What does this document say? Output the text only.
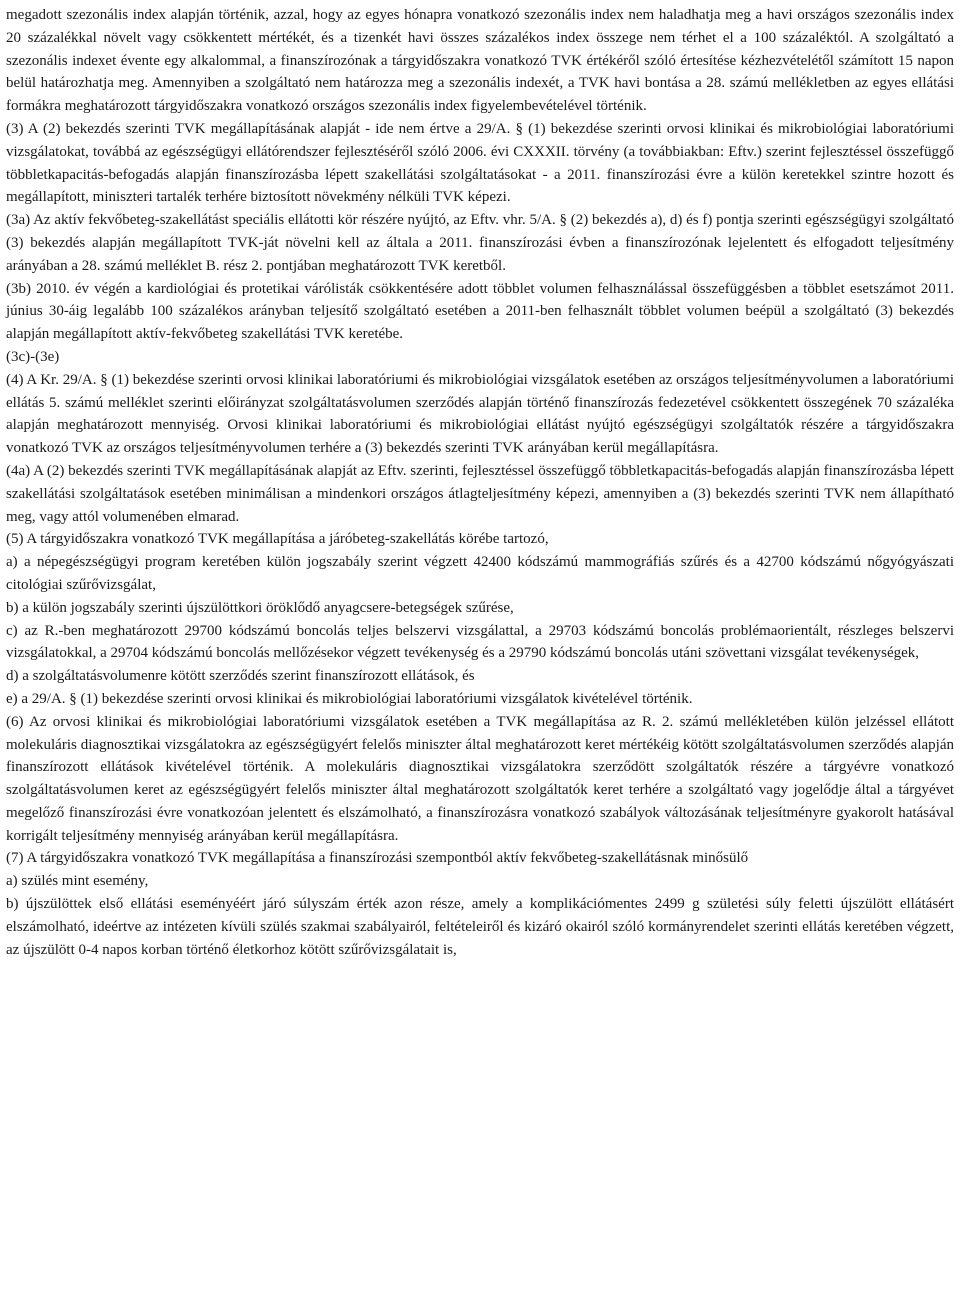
megadott szezonális index alapján történik, azzal, hogy az egyes hónapra vonatkozó szezonális index nem haladhatja meg a havi országos szezonális index 20 százalékkal növelt vagy csökkentett mértékét, és a tizenkét havi összes százalékos index összege nem térhet el a 100 százaléktól. A szolgáltató a szezonális indexet évente egy alkalommal, a finanszírozónak a tárgyidőszakra vonatkozó TVK értékéről szóló értesítése kézhezvételétől számított 15 napon belül határozhatja meg. Amennyiben a szolgáltató nem határozza meg a szezonális indexét, a TVK havi bontása a 28. számú mellékletben az egyes ellátási formákra meghatározott tárgyidőszakra vonatkozó országos szezonális index figyelembevételével történik.

(3) A (2) bekezdés szerinti TVK megállapításának alapját - ide nem értve a 29/A. § (1) bekezdése szerinti orvosi klinikai és mikrobiológiai laboratóriumi vizsgálatokat, továbbá az egészségügyi ellátórendszer fejlesztéséről szóló 2006. évi CXXXII. törvény (a továbbiakban: Eftv.) szerint fejlesztéssel összefüggő többletkapacitás-befogadás alapján finanszírozásba lépett szakellátási szolgáltatásokat - a 2011. finanszírozási évre a külön keretekkel szintre hozott és megállapított, miniszteri tartalék terhére biztosított növekmény nélküli TVK képezi.

(3a) Az aktív fekvőbeteg-szakellátást speciális ellátotti kör részére nyújtó, az Eftv. vhr. 5/A. § (2) bekezdés a), d) és f) pontja szerinti egészségügyi szolgáltató (3) bekezdés alapján megállapított TVK-ját növelni kell az általa a 2011. finanszírozási évben a finanszírozónak lejelentett és elfogadott teljesítmény arányában a 28. számú melléklet B. rész 2. pontjában meghatározott TVK keretből.

(3b) 2010. év végén a kardiológiai és protetikai várólisták csökkentésére adott többlet volumen felhasználással összefüggésben a többlet esetszámot 2011. június 30-áig legalább 100 százalékos arányban teljesítő szolgáltató esetében a 2011-ben felhasznált többlet volumen beépül a szolgáltató (3) bekezdés alapján megállapított aktív-fekvőbeteg szakellátási TVK keretébe.

(3c)-(3e)

(4) A Kr. 29/A. § (1) bekezdése szerinti orvosi klinikai laboratóriumi és mikrobiológiai vizsgálatok esetében az országos teljesítményvolumen a laboratóriumi ellátás 5. számú melléklet szerinti előirányzat szolgáltatásvolumen szerződés alapján történő finanszírozás fedezetével csökkentett összegének 70 százaléka alapján meghatározott mennyiség. Orvosi klinikai laboratóriumi és mikrobiológiai ellátást nyújtó egészségügyi szolgáltatók részére a tárgyidőszakra vonatkozó TVK az országos teljesítményvolumen terhére a (3) bekezdés szerinti TVK arányában kerül megállapításra.

(4a) A (2) bekezdés szerinti TVK megállapításának alapját az Eftv. szerinti, fejlesztéssel összefüggő többletkapacitás-befogadás alapján finanszírozásba lépett szakellátási szolgáltatások esetében minimálisan a mindenkori országos átlagteljesítmény képezi, amennyiben a (3) bekezdés szerinti TVK nem állapítható meg, vagy attól volumenében elmarad.

(5) A tárgyidőszakra vonatkozó TVK megállapítása a járóbeteg-szakellátás körébe tartozó,

a) a népegészségügyi program keretében külön jogszabály szerint végzett 42400 kódszámú mammográfiás szűrés és a 42700 kódszámú nőgyógyászati citológiai szűrővizsgálat,

b) a külön jogszabály szerinti újszülöttkori öröklődő anyagcsere-betegségek szűrése,

c) az R.-ben meghatározott 29700 kódszámú boncolás teljes belszervi vizsgálattal, a 29703 kódszámú boncolás problémaorientált, részleges belszervi vizsgálatokkal, a 29704 kódszámú boncolás mellőzésekor végzett tevékenység és a 29790 kódszámú boncolás utáni szövettani vizsgálat tevékenységek,

d) a szolgáltatásvolumenre kötött szerződés szerint finanszírozott ellátások, és

e) a 29/A. § (1) bekezdése szerinti orvosi klinikai és mikrobiológiai laboratóriumi vizsgálatok kivételével történik.

(6) Az orvosi klinikai és mikrobiológiai laboratóriumi vizsgálatok esetében a TVK megállapítása az R. 2. számú mellékletében külön jelzéssel ellátott molekuláris diagnosztikai vizsgálatokra az egészségügyért felelős miniszter által meghatározott keret mértékéig kötött szolgáltatásvolumen szerződés alapján finanszírozott ellátások kivételével történik. A molekuláris diagnosztikai vizsgálatokra szerződött szolgáltatók részére a tárgyévre vonatkozó szolgáltatásvolumen keret az egészségügyért felelős miniszter által meghatározott szolgáltatók keret terhére a szolgáltató vagy jogelődje által a tárgyévet megelőző finanszírozási évre vonatkozóan jelentett és elszámolható, a finanszírozásra vonatkozó szabályok változásának teljesítményre gyakorolt hatásával korrigált teljesítmény mennyiség arányában kerül megállapításra.

(7) A tárgyidőszakra vonatkozó TVK megállapítása a finanszírozási szempontból aktív fekvőbeteg-szakellátásnak minősülő

a) szülés mint esemény,

b) újszülöttek első ellátási eseményéért járó súlyszám érték azon része, amely a komplikációmentes 2499 g születési súly feletti újszülött ellátásért elszámolható, ideértve az intézeten kívüli szülés szakmai szabályairól, feltételeiről és kizáró okairól szóló kormányrendelet szerinti ellátás keretében végzett, az újszülött 0-4 napos korban történő életkorhoz kötött szűrővizsgálatait is,
